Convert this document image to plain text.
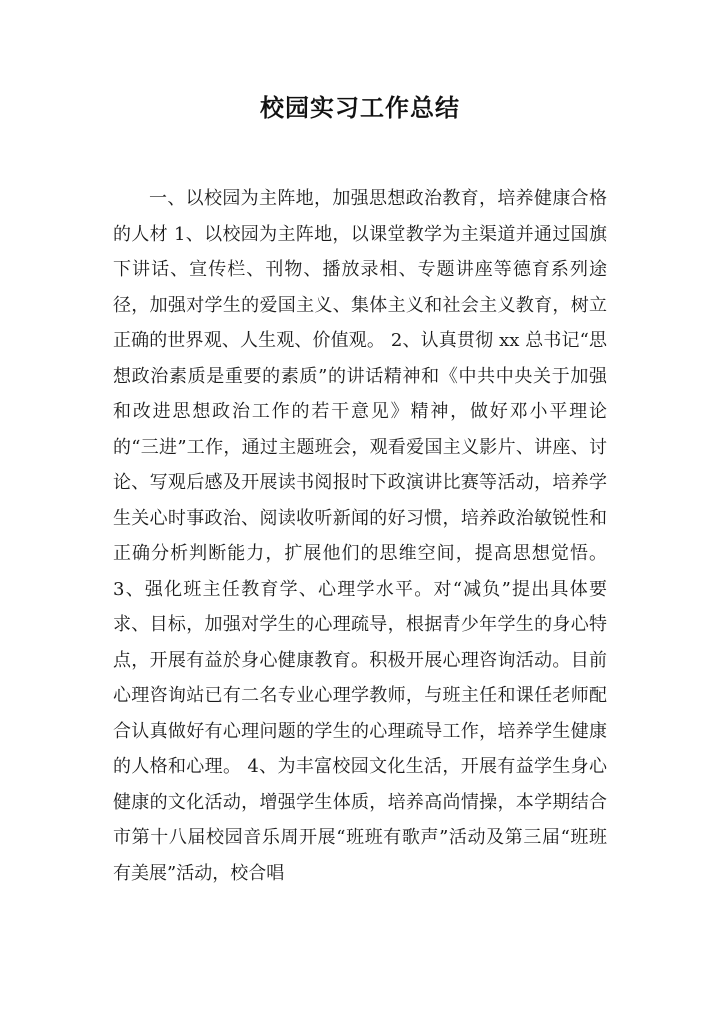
校园实习工作总结

一、以校园为主阵地，加强思想政治教育，培养健康合格的人材 1、以校园为主阵地，以课堂教学为主渠道并通过国旗下讲话、宣传栏、刊物、播放录相、专题讲座等德育系列途径，加强对学生的爱国主义、集体主义和社会主义教育，树立正确的世界观、人生观、价值观。 2、认真贯彻 xx 总书记“思想政治素质是重要的素质”的讲话精神和《中共中央关于加强和改进思想政治工作的若干意见》精神，做好邓小平理论的“三进”工作，通过主题班会，观看爱国主义影片、讲座、讨论、写观后感及开展读书阅报时下政演讲比赛等活动，培养学生关心时事政治、阅读收听新闻的好习惯，培养政治敏锐性和正确分析判断能力，扩展他们的思维空间，提高思想觉悟。 3、强化班主任教育学、心理学水平。对“减负”提出具体要求、目标，加强对学生的心理疏导，根据青少年学生的身心特点，开展有益於身心健康教育。积极开展心理咨询活动。目前心理咨询站已有二名专业心理学教师，与班主任和课任老师配合认真做好有心理问题的学生的心理疏导工作，培养学生健康的人格和心理。 4、为丰富校园文化生活，开展有益学生身心健康的文化活动，增强学生体质，培养高尚情操，本学期结合市第十八届校园音乐周开展“班班有歌声”活动及第三届“班班有美展”活动，校合唱
